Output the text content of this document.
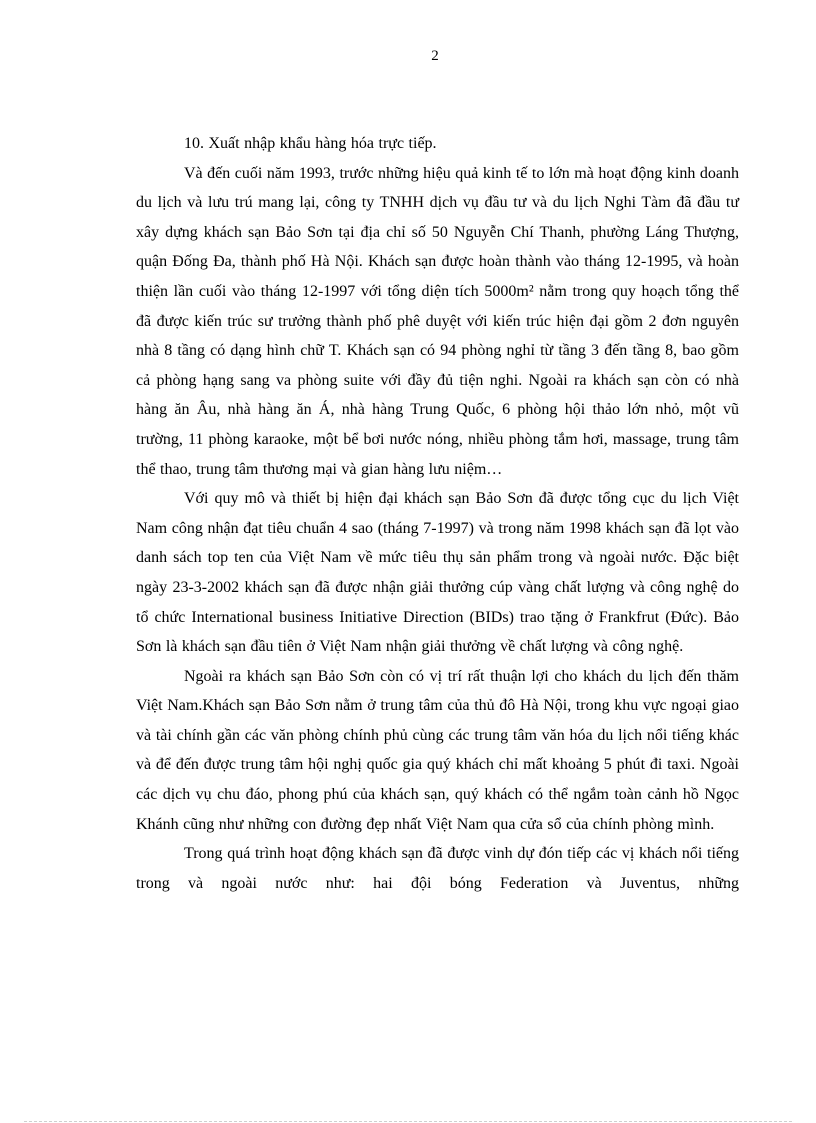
2

10. Xuất nhập khẩu hàng hóa trực tiếp.

Và đến cuối năm 1993, trước những hiệu quả kinh tế to lớn mà hoạt động kinh doanh du lịch và lưu trú mang lại, công ty TNHH dịch vụ đầu tư và du lịch Nghi Tàm đã đầu tư xây dựng khách sạn Bảo Sơn tại địa chỉ số 50 Nguyễn Chí Thanh, phường Láng Thượng, quận Đống Đa, thành phố Hà Nội. Khách sạn được hoàn thành vào tháng 12-1995, và hoàn thiện lần cuối vào tháng 12-1997 với tổng diện tích 5000m² nằm trong quy hoạch tổng thể đã được kiến trúc sư trưởng thành phố phê duyệt với kiến trúc hiện đại gồm 2 đơn nguyên nhà 8 tầng có dạng hình chữ T. Khách sạn có 94 phòng nghỉ từ tầng 3 đến tầng 8, bao gồm cả phòng hạng sang va phòng suite với đầy đủ tiện nghi. Ngoài ra khách sạn còn có nhà hàng ăn Âu, nhà hàng ăn Á, nhà hàng Trung Quốc, 6 phòng hội thảo lớn nhỏ, một vũ trường, 11 phòng karaoke, một bể bơi nước nóng, nhiều phòng tắm hơi, massage, trung tâm thể thao, trung tâm thương mại và gian hàng lưu niệm…

Với quy mô và thiết bị hiện đại khách sạn Bảo Sơn đã được tổng cục du lịch Việt Nam công nhận đạt tiêu chuẩn 4 sao (tháng 7-1997) và trong năm 1998 khách sạn đã lọt vào danh sách top ten của Việt Nam về mức tiêu thụ sản phẩm trong và ngoài nước. Đặc biệt ngày 23-3-2002 khách sạn đã được nhận giải thưởng cúp vàng chất lượng và công nghệ do tổ chức International business Initiative Direction (BIDs) trao tặng ở Frankfrut (Đức). Bảo Sơn là khách sạn đầu tiên ở Việt Nam nhận giải thưởng về chất lượng và công nghệ.

Ngoài ra khách sạn Bảo Sơn còn có vị trí rất thuận lợi cho khách du lịch đến thăm Việt Nam.Khách sạn Bảo Sơn nằm ở trung tâm của thủ đô Hà Nội, trong khu vực ngoại giao và tài chính gần các văn phòng chính phủ cùng các trung tâm văn hóa du lịch nổi tiếng khác và để đến được trung tâm hội nghị quốc gia quý khách chỉ mất khoảng 5 phút đi taxi. Ngoài các dịch vụ chu đáo, phong phú của khách sạn, quý khách có thể ngắm toàn cảnh hồ Ngọc Khánh cũng như những con đường đẹp nhất Việt Nam qua cửa sổ của chính phòng mình.

Trong quá trình hoạt động khách sạn đã được vinh dự đón tiếp các vị khách nổi tiếng trong và ngoài nước như: hai đội bóng Federation và Juventus, những
